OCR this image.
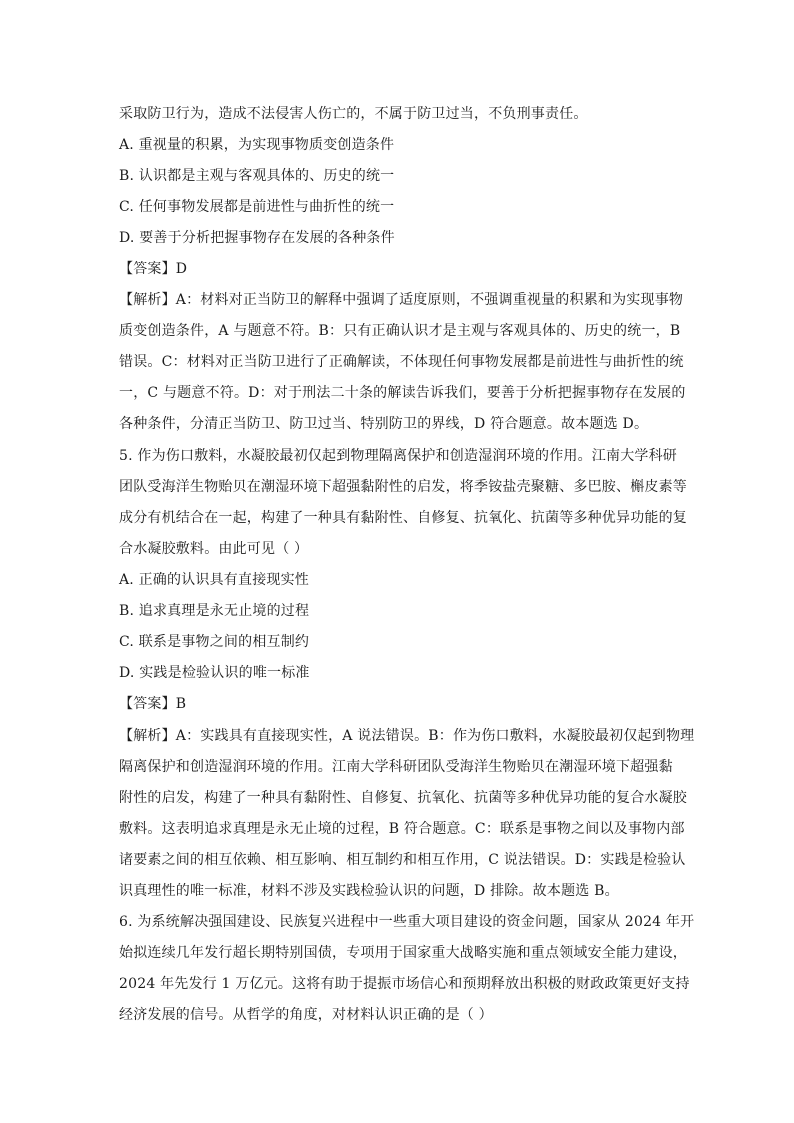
采取防卫行为，造成不法侵害人伤亡的，不属于防卫过当，不负刑事责任。
A. 重视量的积累，为实现事物质变创造条件
B. 认识都是主观与客观具体的、历史的统一
C. 任何事物发展都是前进性与曲折性的统一
D. 要善于分析把握事物存在发展的各种条件
【答案】D
【解析】A：材料对正当防卫的解释中强调了适度原则，不强调重视量的积累和为实现事物
质变创造条件，A 与题意不符。B：只有正确认识才是主观与客观具体的、历史的统一，B
错误。C：材料对正当防卫进行了正确解读，不体现任何事物发展都是前进性与曲折性的统
一，C 与题意不符。D：对于刑法二十条的解读告诉我们，要善于分析把握事物存在发展的
各种条件，分清正当防卫、防卫过当、特别防卫的界线，D 符合题意。故本题选 D。
5. 作为伤口敷料，水凝胶最初仅起到物理隔离保护和创造湿润环境的作用。江南大学科研
团队受海洋生物贻贝在潮湿环境下超强黏附性的启发，将季铵盐壳聚糖、多巴胺、槲皮素等
成分有机结合在一起，构建了一种具有黏附性、自修复、抗氧化、抗菌等多种优异功能的复
合水凝胶敷料。由此可见（ ）
A. 正确的认识具有直接现实性
B. 追求真理是永无止境的过程
C. 联系是事物之间的相互制约
D. 实践是检验认识的唯一标准
【答案】B
【解析】A：实践具有直接现实性，A 说法错误。B：作为伤口敷料，水凝胶最初仅起到物理
隔离保护和创造湿润环境的作用。江南大学科研团队受海洋生物贻贝在潮湿环境下超强黏
附性的启发，构建了一种具有黏附性、自修复、抗氧化、抗菌等多种优异功能的复合水凝胶
敷料。这表明追求真理是永无止境的过程，B 符合题意。C：联系是事物之间以及事物内部
诸要素之间的相互依赖、相互影响、相互制约和相互作用，C 说法错误。D：实践是检验认
识真理性的唯一标准，材料不涉及实践检验认识的问题，D 排除。故本题选 B。
6. 为系统解决强国建设、民族复兴进程中一些重大项目建设的资金问题，国家从 2024 年开
始拟连续几年发行超长期特别国债，专项用于国家重大战略实施和重点领域安全能力建设，
2024 年先发行 1 万亿元。这将有助于提振市场信心和预期释放出积极的财政政策更好支持
经济发展的信号。从哲学的角度，对材料认识正确的是（ ）
